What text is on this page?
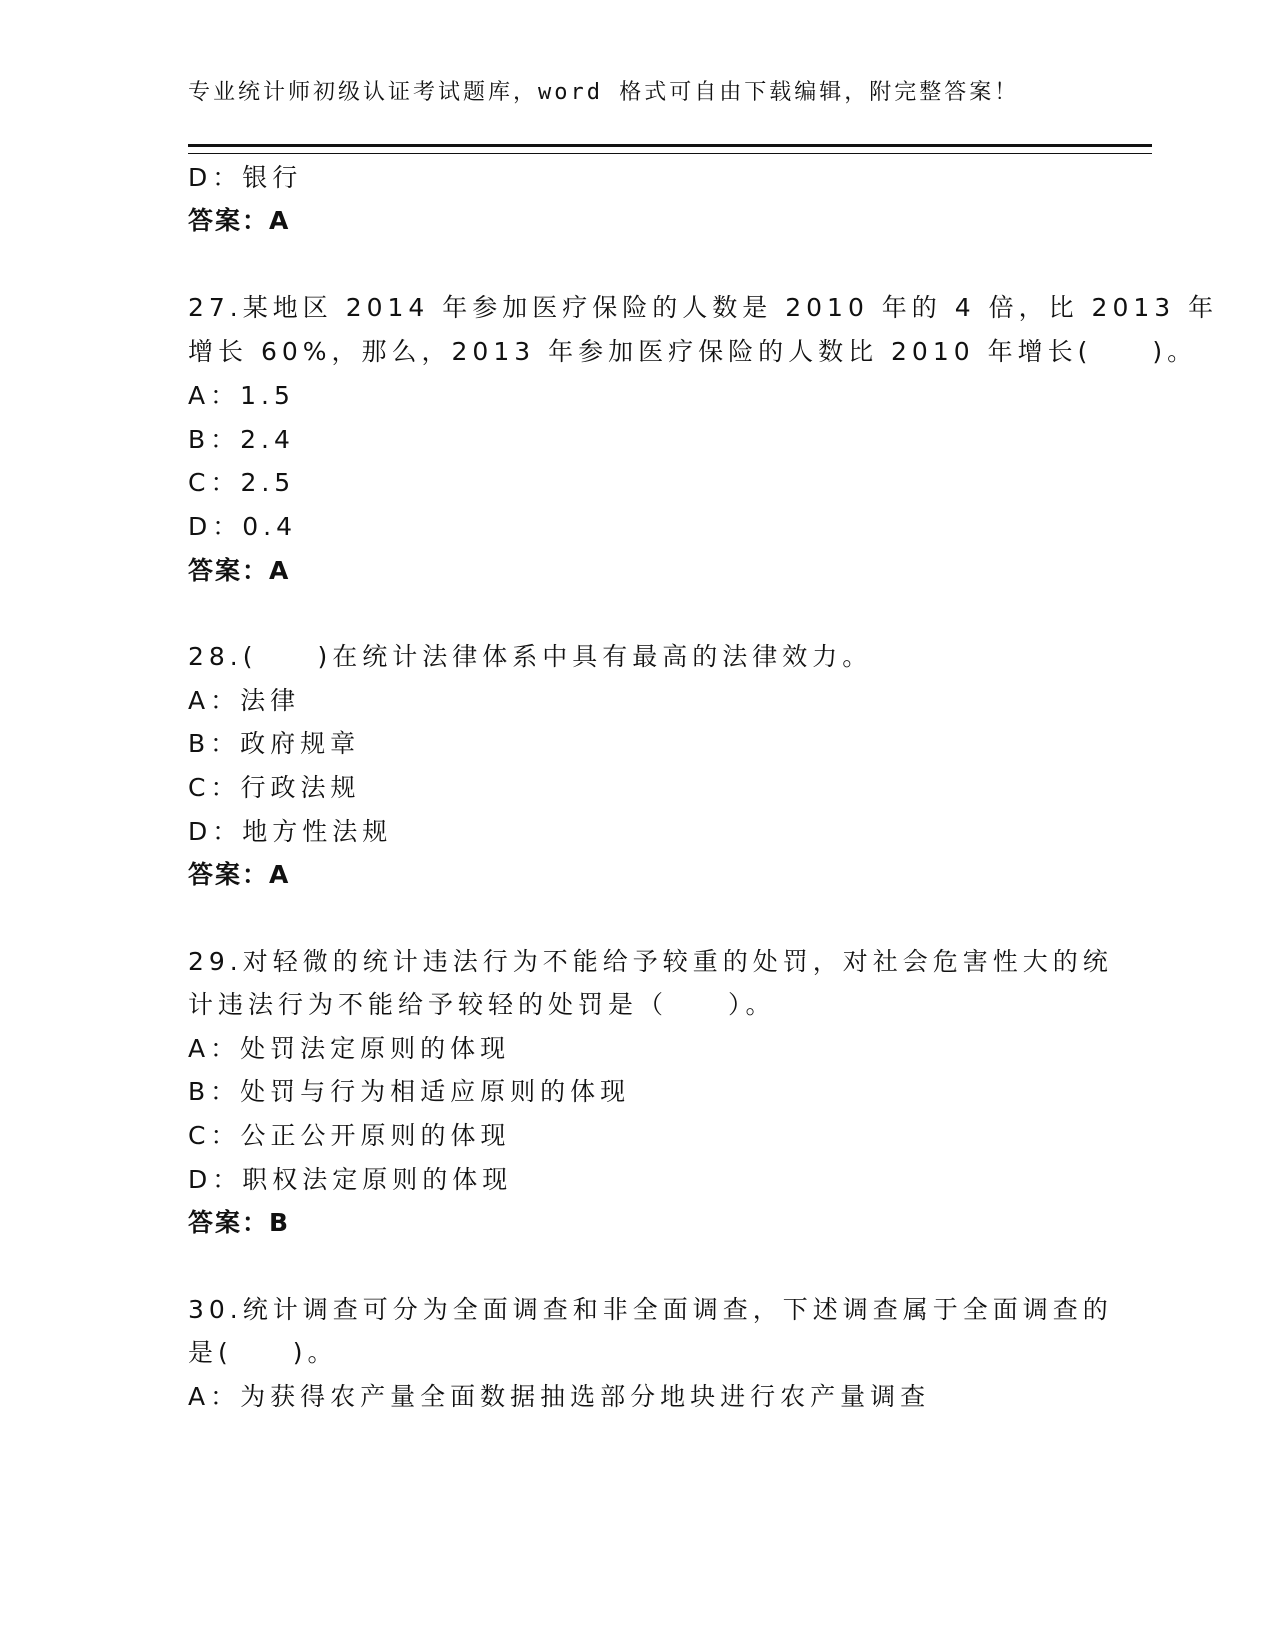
专业统计师初级认证考试题库，word 格式可自由下载编辑，附完整答案！
D：银行
答案：A
27.某地区 2014 年参加医疗保险的人数是 2010 年的 4 倍，比 2013 年
增长 60%，那么，2013 年参加医疗保险的人数比 2010 年增长(　　)。
A：1.5
B：2.4
C：2.5
D：0.4
答案：A
28.(　　)在统计法律体系中具有最高的法律效力。
A：法律
B：政府规章
C：行政法规
D：地方性法规
答案：A
29.对轻微的统计违法行为不能给予较重的处罚，对社会危害性大的统
计违法行为不能给予较轻的处罚是（　　）。
A：处罚法定原则的体现
B：处罚与行为相适应原则的体现
C：公正公开原则的体现
D：职权法定原则的体现
答案：B
30.统计调查可分为全面调查和非全面调查，下述调查属于全面调查的
是(　　)。
A：为获得农产量全面数据抽选部分地块进行农产量调查
